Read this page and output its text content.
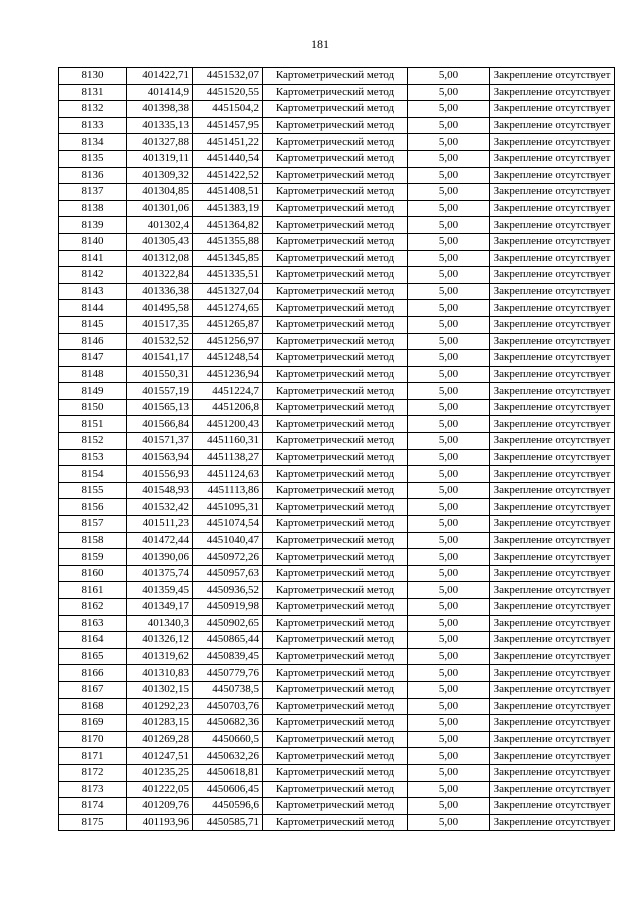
181
8130	401422,71	4451532,07	Картометрический метод	5,00	Закрепление отсутствует
8131	401414,9	4451520,55	Картометрический метод	5,00	Закрепление отсутствует
8132	401398,38	4451504,2	Картометрический метод	5,00	Закрепление отсутствует
8133	401335,13	4451457,95	Картометрический метод	5,00	Закрепление отсутствует
8134	401327,88	4451451,22	Картометрический метод	5,00	Закрепление отсутствует
8135	401319,11	4451440,54	Картометрический метод	5,00	Закрепление отсутствует
8136	401309,32	4451422,52	Картометрический метод	5,00	Закрепление отсутствует
8137	401304,85	4451408,51	Картометрический метод	5,00	Закрепление отсутствует
8138	401301,06	4451383,19	Картометрический метод	5,00	Закрепление отсутствует
8139	401302,4	4451364,82	Картометрический метод	5,00	Закрепление отсутствует
8140	401305,43	4451355,88	Картометрический метод	5,00	Закрепление отсутствует
8141	401312,08	4451345,85	Картометрический метод	5,00	Закрепление отсутствует
8142	401322,84	4451335,51	Картометрический метод	5,00	Закрепление отсутствует
8143	401336,38	4451327,04	Картометрический метод	5,00	Закрепление отсутствует
8144	401495,58	4451274,65	Картометрический метод	5,00	Закрепление отсутствует
8145	401517,35	4451265,87	Картометрический метод	5,00	Закрепление отсутствует
8146	401532,52	4451256,97	Картометрический метод	5,00	Закрепление отсутствует
8147	401541,17	4451248,54	Картометрический метод	5,00	Закрепление отсутствует
8148	401550,31	4451236,94	Картометрический метод	5,00	Закрепление отсутствует
8149	401557,19	4451224,7	Картометрический метод	5,00	Закрепление отсутствует
8150	401565,13	4451206,8	Картометрический метод	5,00	Закрепление отсутствует
8151	401566,84	4451200,43	Картометрический метод	5,00	Закрепление отсутствует
8152	401571,37	4451160,31	Картометрический метод	5,00	Закрепление отсутствует
8153	401563,94	4451138,27	Картометрический метод	5,00	Закрепление отсутствует
8154	401556,93	4451124,63	Картометрический метод	5,00	Закрепление отсутствует
8155	401548,93	4451113,86	Картометрический метод	5,00	Закрепление отсутствует
8156	401532,42	4451095,31	Картометрический метод	5,00	Закрепление отсутствует
8157	401511,23	4451074,54	Картометрический метод	5,00	Закрепление отсутствует
8158	401472,44	4451040,47	Картометрический метод	5,00	Закрепление отсутствует
8159	401390,06	4450972,26	Картометрический метод	5,00	Закрепление отсутствует
8160	401375,74	4450957,63	Картометрический метод	5,00	Закрепление отсутствует
8161	401359,45	4450936,52	Картометрический метод	5,00	Закрепление отсутствует
8162	401349,17	4450919,98	Картометрический метод	5,00	Закрепление отсутствует
8163	401340,3	4450902,65	Картометрический метод	5,00	Закрепление отсутствует
8164	401326,12	4450865,44	Картометрический метод	5,00	Закрепление отсутствует
8165	401319,62	4450839,45	Картометрический метод	5,00	Закрепление отсутствует
8166	401310,83	4450779,76	Картометрический метод	5,00	Закрепление отсутствует
8167	401302,15	4450738,5	Картометрический метод	5,00	Закрепление отсутствует
8168	401292,23	4450703,76	Картометрический метод	5,00	Закрепление отсутствует
8169	401283,15	4450682,36	Картометрический метод	5,00	Закрепление отсутствует
8170	401269,28	4450660,5	Картометрический метод	5,00	Закрепление отсутствует
8171	401247,51	4450632,26	Картометрический метод	5,00	Закрепление отсутствует
8172	401235,25	4450618,81	Картометрический метод	5,00	Закрепление отсутствует
8173	401222,05	4450606,45	Картометрический метод	5,00	Закрепление отсутствует
8174	401209,76	4450596,6	Картометрический метод	5,00	Закрепление отсутствует
8175	401193,96	4450585,71	Картометрический метод	5,00	Закрепление отсутствует
